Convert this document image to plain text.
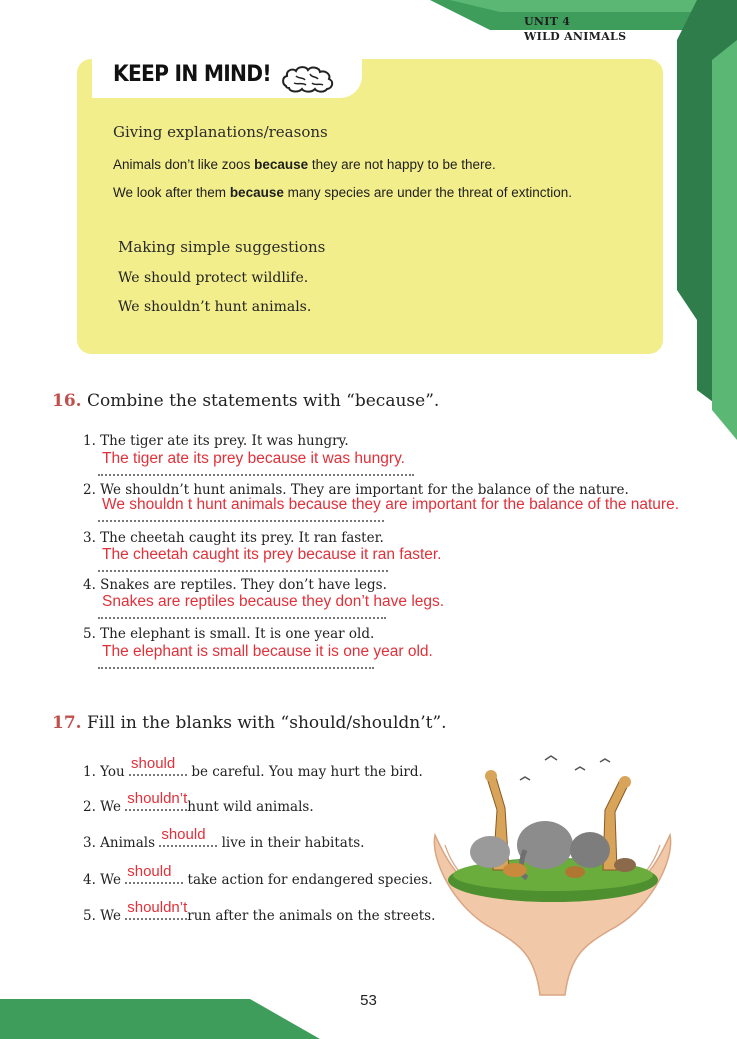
UNIT 4
WILD ANIMALS
KEEP IN MIND!
Giving explanations/reasons
Animals don’t like zoos because they are not happy to be there.
We look after them because many species are under the threat of extinction.
Making simple suggestions
We should protect wildlife.
We shouldn’t hunt animals.
16. Combine the statements with “because”.
1. The tiger ate its prey. It was hungry.
The tiger ate its prey because it was hungry.
2. We shouldn’t hunt animals. They are important for the balance of the nature.
We shouldn t hunt animals because they are important for the balance of the nature.
3. The cheetah caught its prey. It ran faster.
The cheetah caught its prey because it ran faster.
4. Snakes are reptiles. They don’t have legs.
Snakes are reptiles because they don’t have legs.
5. The elephant is small. It is one year old.
The elephant is small because it is one year old.
17. Fill in the blanks with “should/shouldn’t”.
1. You should be careful. You may hurt the bird.
2. We shouldn’t hunt wild animals.
3. Animals should live in their habitats.
4. We should take action for endangered species.
5. We shouldn’t run after the animals on the streets.
53
